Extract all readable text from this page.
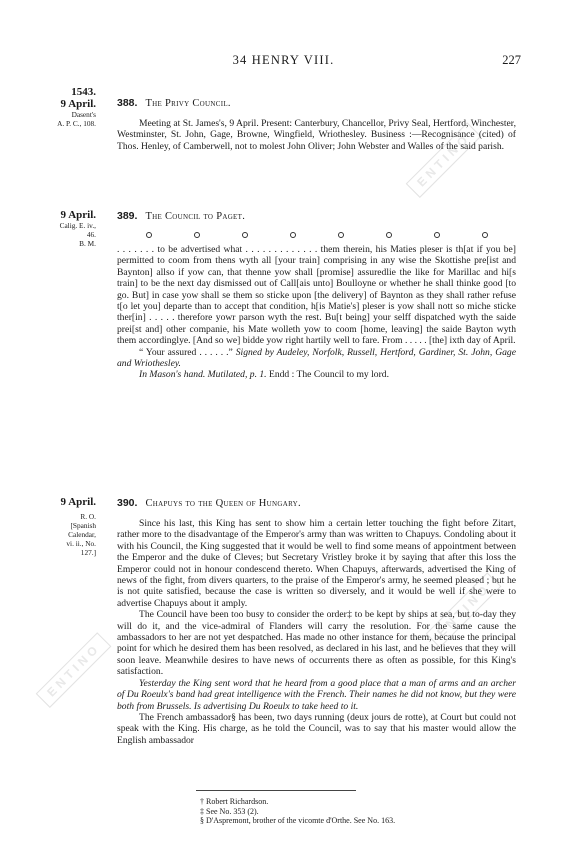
34 HENRY VIII.	227
ENTINO
ENTINO
ENTINO
1543.
9 April.
Dasent's
A. P. C., 108.
388. The Privy Council.

Meeting at St. James's, 9 April. Present: Canterbury, Chancellor, Privy Seal, Hertford, Winchester, Westminster, St. John, Gage, Browne, Wingfield, Wriothesley. Business :—Recognisance (cited) of Thos. Henley, of Camberwell, not to molest John Oliver; John Webster and Walles of the said parish.

9 April.
Calig. E. iv.,
46.
B. M.
389. The Council to Paget.

. . . . . . . to be advertised what . . . . . . . . . . . . . them therein, his Maties pleser is th[at if you be] permitted to coom from thens wyth all [your train] comprising in any wise the Skottishe pre[ist and Baynton] allso if yow can, that thenne yow shall [promise] assuredlie the like for Marillac and hi[s train] to be the next day dismissed out of Call[ais unto] Boulloyne or whether he shall thinke good [to go. But] in case yow shall se them so sticke upon [the delivery] of Baynton as they shall rather refuse t[o let you] departe than to accept that condition, h[is Matie's] pleser is yow shall nott so miche sticke ther[in] . . . . . therefore yowr parson wyth the rest. Bu[t being] your selff dispatched wyth the saide prei[st and] other companie, his Mate wolleth yow to coom [home, leaving] the saide Bayton wyth them accordinglye. [And so we] bidde yow right hartily well to fare. From . . . . . [the] ixth day of April.

“ Your assured . . . . . .” Signed by Audeley, Norfolk, Russell, Hertford, Gardiner, St. John, Gage and Wriothesley.

In Mason's hand. Mutilated, p. 1. Endd : The Council to my lord.

9 April.
R. O.
[Spanish
Calendar,
vi. ii., No.
127.]
390. Chapuys to the Queen of Hungary.

Since his last, this King has sent to show him a certain letter touching the fight before Zitart, rather more to the disadvantage of the Emperor's army than was written to Chapuys. Condoling about it with his Council, the King suggested that it would be well to find some means of appointment between the Emperor and the duke of Cleves; but Secretary Vristley broke it by saying that after this loss the Emperor could not in honour condescend thereto. When Chapuys, afterwards, advertised the King of news of the fight, from divers quarters, to the praise of the Emperor's army, he seemed pleased ; but he is not quite satisfied, because the case is written so diversely, and it would be well if she were to advertise Chapuys about it amply.

The Council have been too busy to consider the order‡ to be kept by ships at sea, but to-day they will do it, and the vice-admiral of Flanders will carry the resolution. For the same cause the ambassadors to her are not yet despatched. Has made no other instance for them, because the principal point for which he desired them has been resolved, as declared in his last, and he believes that they will soon leave. Meanwhile desires to have news of occurrents there as often as possible, for this King's satisfaction.

Yesterday the King sent word that he heard from a good place that a man of arms and an archer of Du Roeulx's band had great intelligence with the French. Their names he did not know, but they were both from Brussels. Is advertising Du Roeulx to take heed to it.

The French ambassador§ has been, two days running (deux jours de rotte), at Court but could not speak with the King. His charge, as he told the Council, was to say that his master would allow the English ambassador

† Robert Richardson.
‡ See No. 353 (2).
§ D'Aspremont, brother of the vicomte d'Orthe. See No. 163.
